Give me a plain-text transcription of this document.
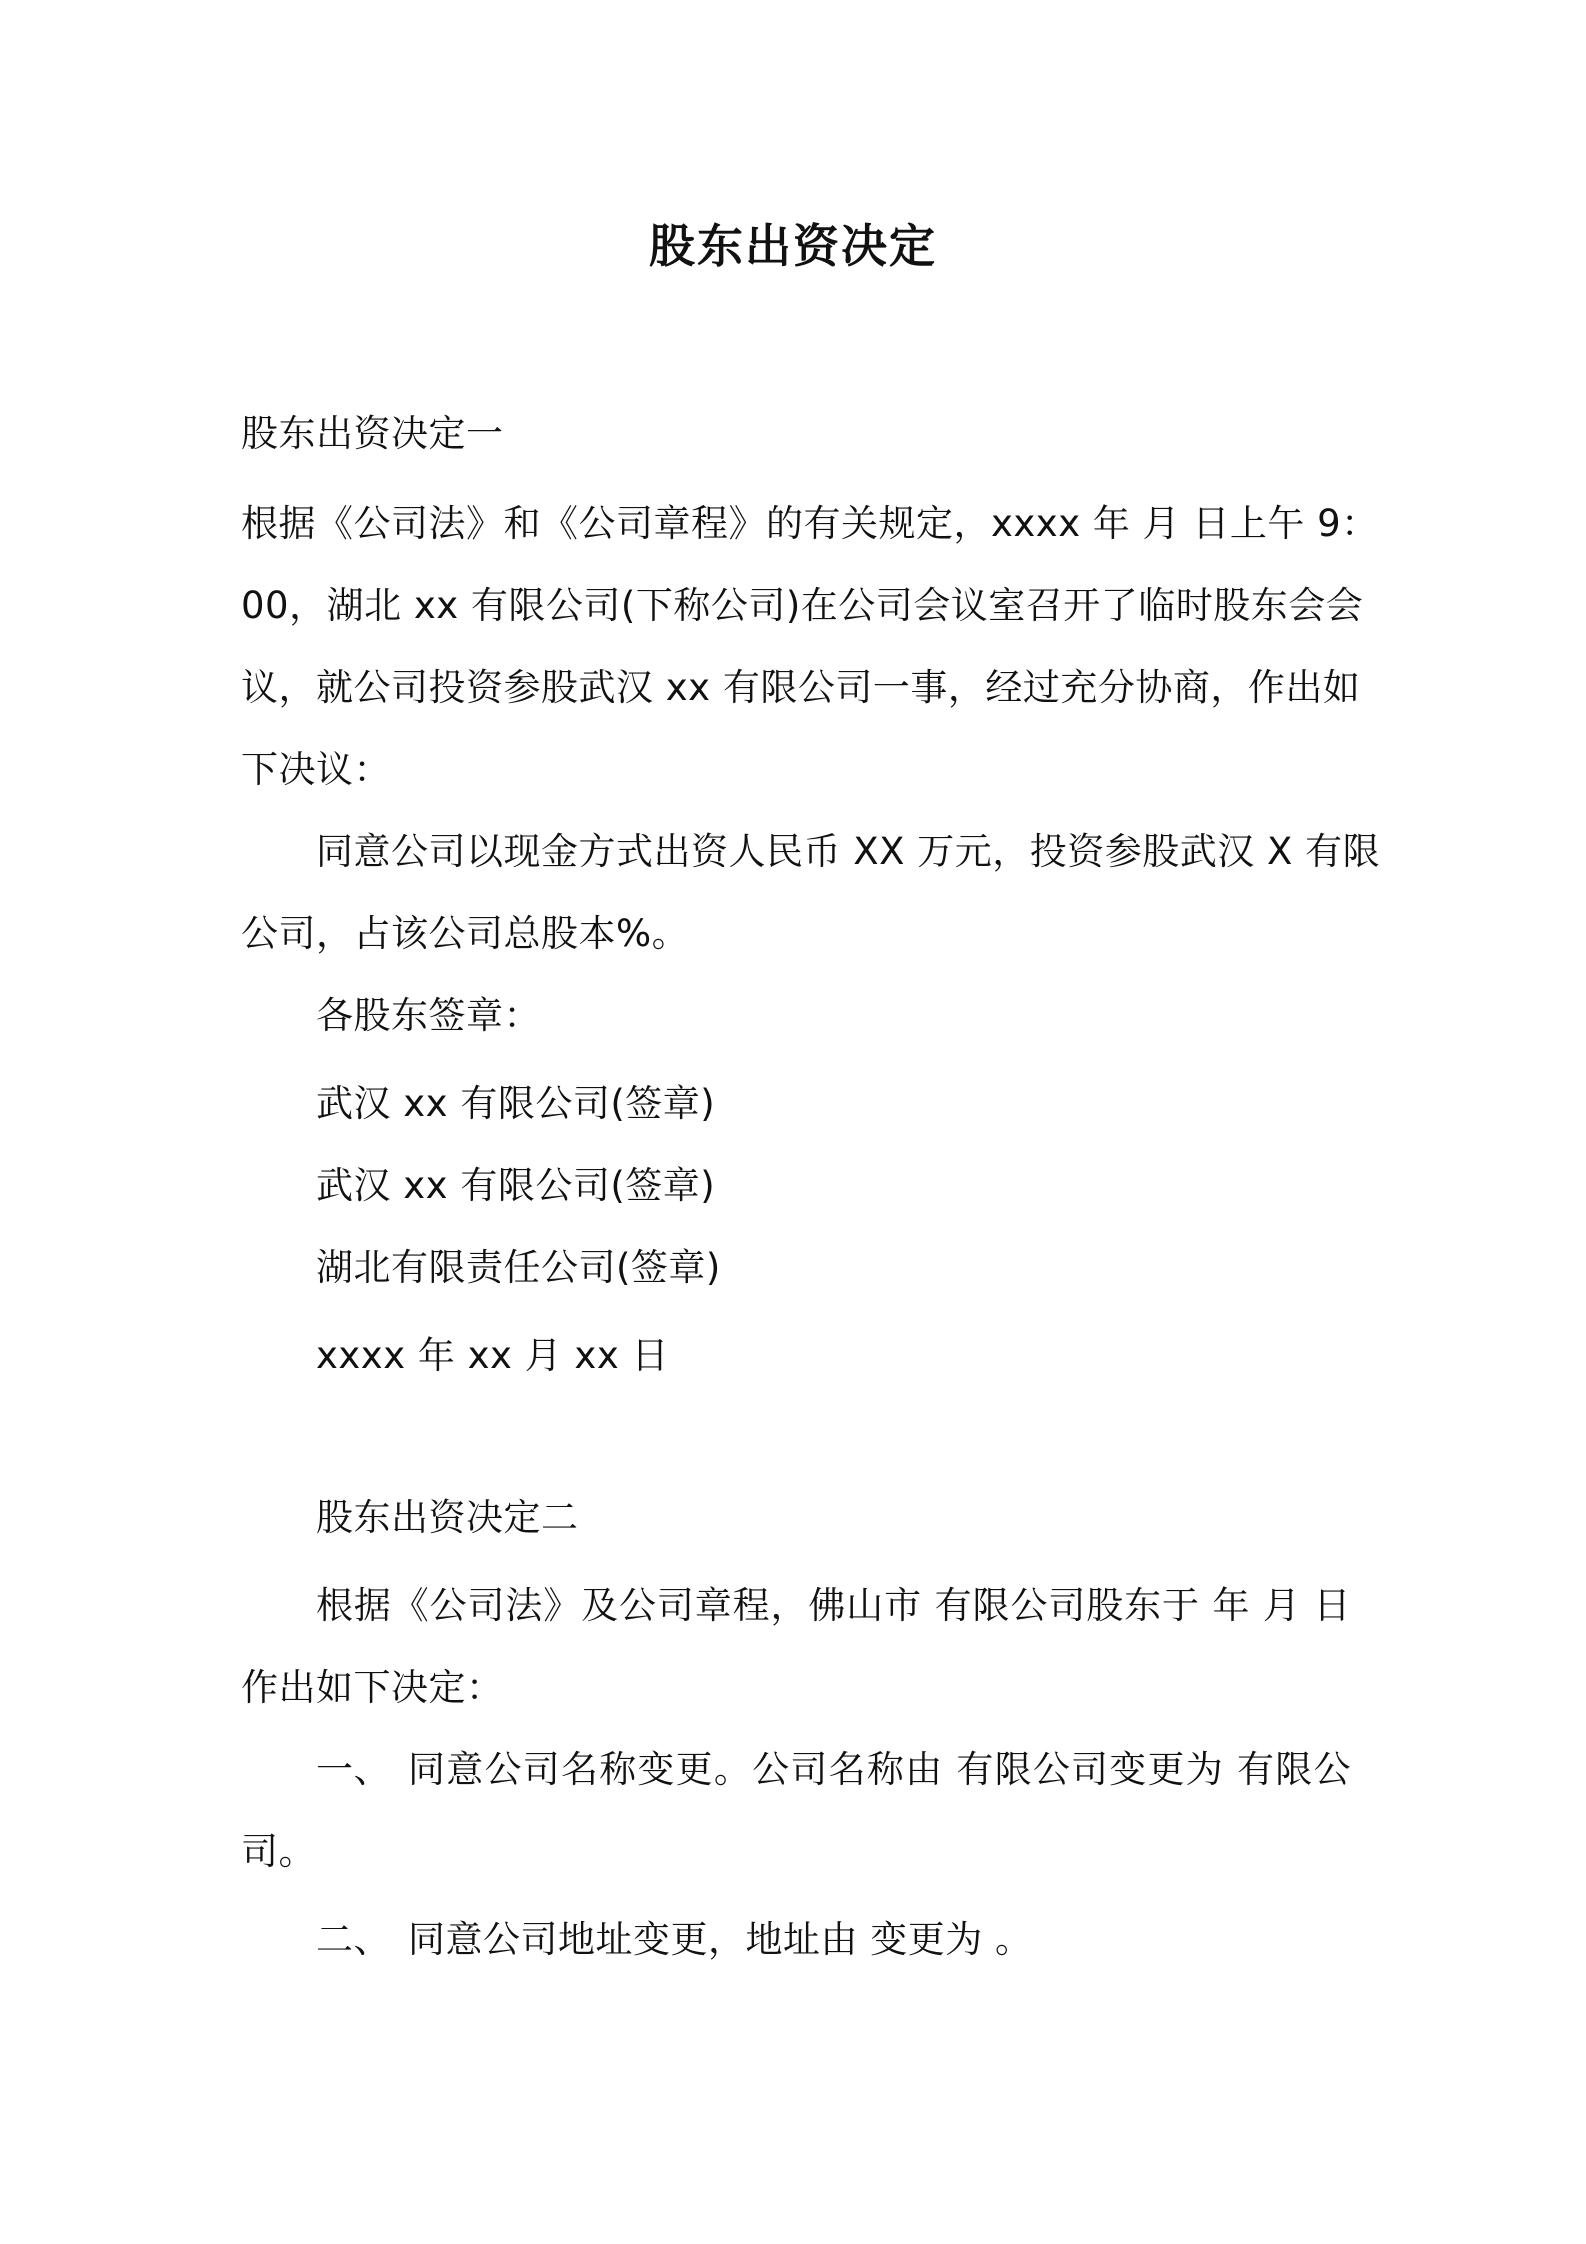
股东出资决定
股东出资决定一
根据《公司法》和《公司章程》的有关规定，xxxx 年 月 日上午 9：
00，湖北 xx 有限公司(下称公司)在公司会议室召开了临时股东会会
议，就公司投资参股武汉 xx 有限公司一事，经过充分协商，作出如
下决议：
同意公司以现金方式出资人民币 XX 万元，投资参股武汉 X 有限
公司，占该公司总股本%。
各股东签章：
武汉 xx 有限公司(签章)
武汉 xx 有限公司(签章)
湖北有限责任公司(签章)
xxxx 年 xx 月 xx 日
股东出资决定二
根据《公司法》及公司章程，佛山市 有限公司股东于 年 月 日
作出如下决定：
一、 同意公司名称变更。公司名称由 有限公司变更为 有限公
司。
二、 同意公司地址变更，地址由 变更为 。
